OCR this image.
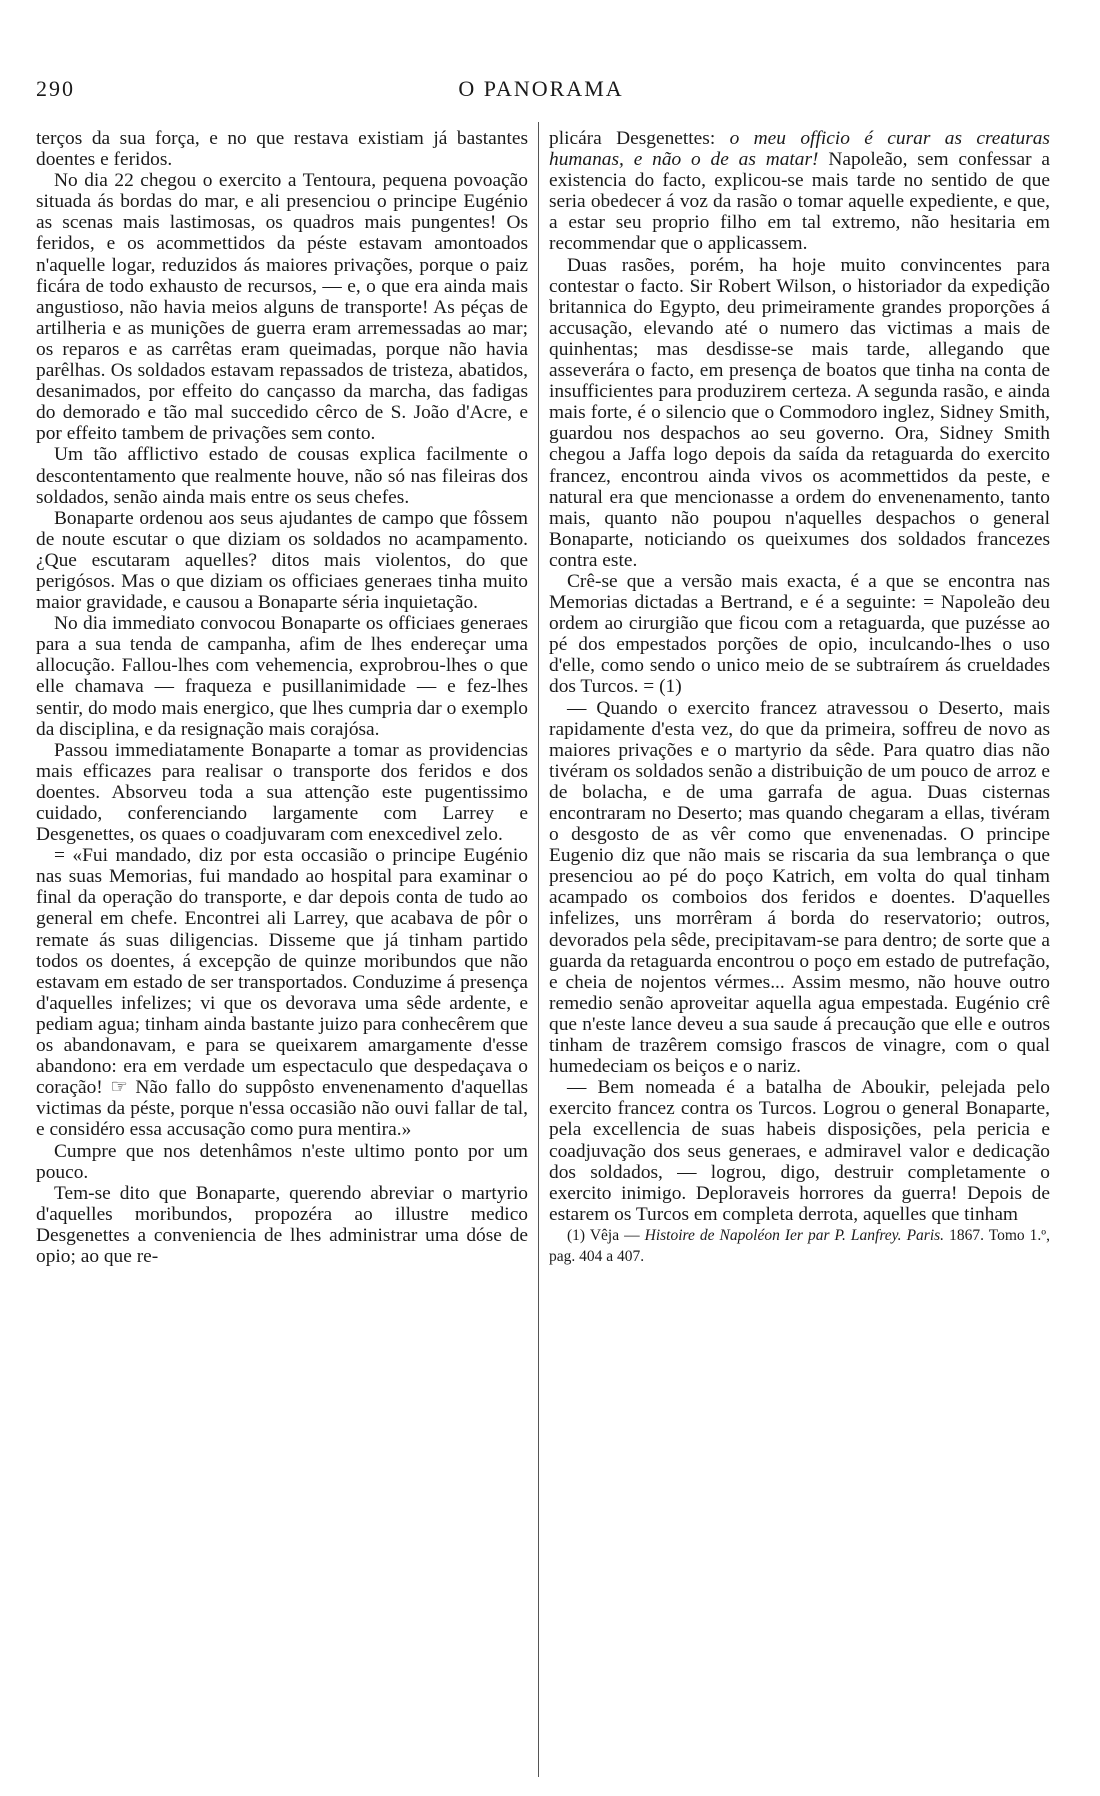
290	O PANORAMA

terços da sua força, e no que restava existiam já bastantes doentes e feridos.

No dia 22 chegou o exercito a Tentoura, pequena povoação situada ás bordas do mar, e ali presenciou o principe Eugénio as scenas mais lastimosas, os quadros mais pungentes! Os feridos, e os acommettidos da péste estavam amontoados n'aquelle logar, reduzidos ás maiores privações, porque o paiz ficára de todo exhausto de recursos, — e, o que era ainda mais angustioso, não havia meios alguns de transporte! As péças de artilheria e as munições de guerra eram arremessadas ao mar; os reparos e as carrêtas eram queimadas, porque não havia parêlhas. Os soldados estavam repassados de tristeza, abatidos, desanimados, por effeito do cançasso da marcha, das fadigas do demorado e tão mal succedido cêrco de S. João d'Acre, e por effeito tambem de privações sem conto.

Um tão afflictivo estado de cousas explica facilmente o descontentamento que realmente houve, não só nas fileiras dos soldados, senão ainda mais entre os seus chefes.

Bonaparte ordenou aos seus ajudantes de campo que fôssem de noute escutar o que diziam os soldados no acampamento. ¿Que escutaram aquelles? ditos mais violentos, do que perigósos. Mas o que diziam os officiaes generaes tinha muito maior gravidade, e causou a Bonaparte séria inquietação.

No dia immediato convocou Bonaparte os officiaes generaes para a sua tenda de campanha, afim de lhes endereçar uma allocução. Fallou-lhes com vehemencia, exprobrou-lhes o que elle chamava — fraqueza e pusillanimidade — e fez-lhes sentir, do modo mais energico, que lhes cumpria dar o exemplo da disciplina, e da resignação mais corajósa.

Passou immediatamente Bonaparte a tomar as providencias mais efficazes para realisar o transporte dos feridos e dos doentes. Absorveu toda a sua attenção este pugentissimo cuidado, conferenciando largamente com Larrey e Desgenettes, os quaes o coadjuvaram com enexcedivel zelo.

= «Fui mandado, diz por esta occasião o principe Eugénio nas suas Memorias, fui mandado ao hospital para examinar o final da operação do transporte, e dar depois conta de tudo ao general em chefe. Encontrei ali Larrey, que acabava de pôr o remate ás suas diligencias. Disseme que já tinham partido todos os doentes, á excepção de quinze moribundos que não estavam em estado de ser transportados. Conduzime á presença d'aquelles infelizes; vi que os devorava uma sêde ardente, e pediam agua; tinham ainda bastante juizo para conhecêrem que os abandonavam, e para se queixarem amargamente d'esse abandono: era em verdade um espectaculo que despedaçava o coração! ☞ Não fallo do suppôsto envenenamento d'aquellas victimas da péste, porque n'essa occasião não ouvi fallar de tal, e considéro essa accusação como pura mentira.»

Cumpre que nos detenhâmos n'este ultimo ponto por um pouco.

Tem-se dito que Bonaparte, querendo abreviar o martyrio d'aquelles moribundos, propozéra ao illustre medico Desgenettes a conveniencia de lhes administrar uma dóse de opio; ao que re-

plicára Desgenettes: o meu officio é curar as creaturas humanas, e não o de as matar! Napoleão, sem confessar a existencia do facto, explicou-se mais tarde no sentido de que seria obedecer á voz da rasão o tomar aquelle expediente, e que, a estar seu proprio filho em tal extremo, não hesitaria em recommendar que o applicassem.

Duas rasões, porém, ha hoje muito convincentes para contestar o facto. Sir Robert Wilson, o historiador da expedição britannica do Egypto, deu primeiramente grandes proporções á accusação, elevando até o numero das victimas a mais de quinhentas; mas desdisse-se mais tarde, allegando que asseverára o facto, em presença de boatos que tinha na conta de insufficientes para produzirem certeza. A segunda rasão, e ainda mais forte, é o silencio que o Commodoro inglez, Sidney Smith, guardou nos despachos ao seu governo. Ora, Sidney Smith chegou a Jaffa logo depois da saída da retaguarda do exercito francez, encontrou ainda vivos os acommettidos da peste, e natural era que mencionasse a ordem do envenenamento, tanto mais, quanto não poupou n'aquelles despachos o general Bonaparte, noticiando os queixumes dos soldados francezes contra este.

Crê-se que a versão mais exacta, é a que se encontra nas Memorias dictadas a Bertrand, e é a seguinte: = Napoleão deu ordem ao cirurgião que ficou com a retaguarda, que puzésse ao pé dos empestados porções de opio, inculcando-lhes o uso d'elle, como sendo o unico meio de se subtraírem ás crueldades dos Turcos. = (1)

— Quando o exercito francez atravessou o Deserto, mais rapidamente d'esta vez, do que da primeira, soffreu de novo as maiores privações e o martyrio da sêde. Para quatro dias não tivéram os soldados senão a distribuição de um pouco de arroz e de bolacha, e de uma garrafa de agua. Duas cisternas encontraram no Deserto; mas quando chegaram a ellas, tivéram o desgosto de as vêr como que envenenadas. O principe Eugenio diz que não mais se riscaria da sua lembrança o que presenciou ao pé do poço Katrich, em volta do qual tinham acampado os comboios dos feridos e doentes. D'aquelles infelizes, uns morrêram á borda do reservatorio; outros, devorados pela sêde, precipitavam-se para dentro; de sorte que a guarda da retaguarda encontrou o poço em estado de putrefação, e cheia de nojentos vérmes... Assim mesmo, não houve outro remedio senão aproveitar aquella agua empestada. Eugénio crê que n'este lance deveu a sua saude á precaução que elle e outros tinham de trazêrem comsigo frascos de vinagre, com o qual humedeciam os beiços e o nariz.

— Bem nomeada é a batalha de Aboukir, pelejada pelo exercito francez contra os Turcos. Logrou o general Bonaparte, pela excellencia de suas habeis disposições, pela pericia e coadjuvação dos seus generaes, e admiravel valor e dedicação dos soldados, — logrou, digo, destruir completamente o exercito inimigo. Deploraveis horrores da guerra! Depois de estarem os Turcos em completa derrota, aquelles que tinham

(1) Vêja — Histoire de Napoléon Ier par P. Lanfrey. Paris. 1867. Tomo 1.º, pag. 404 a 407.
